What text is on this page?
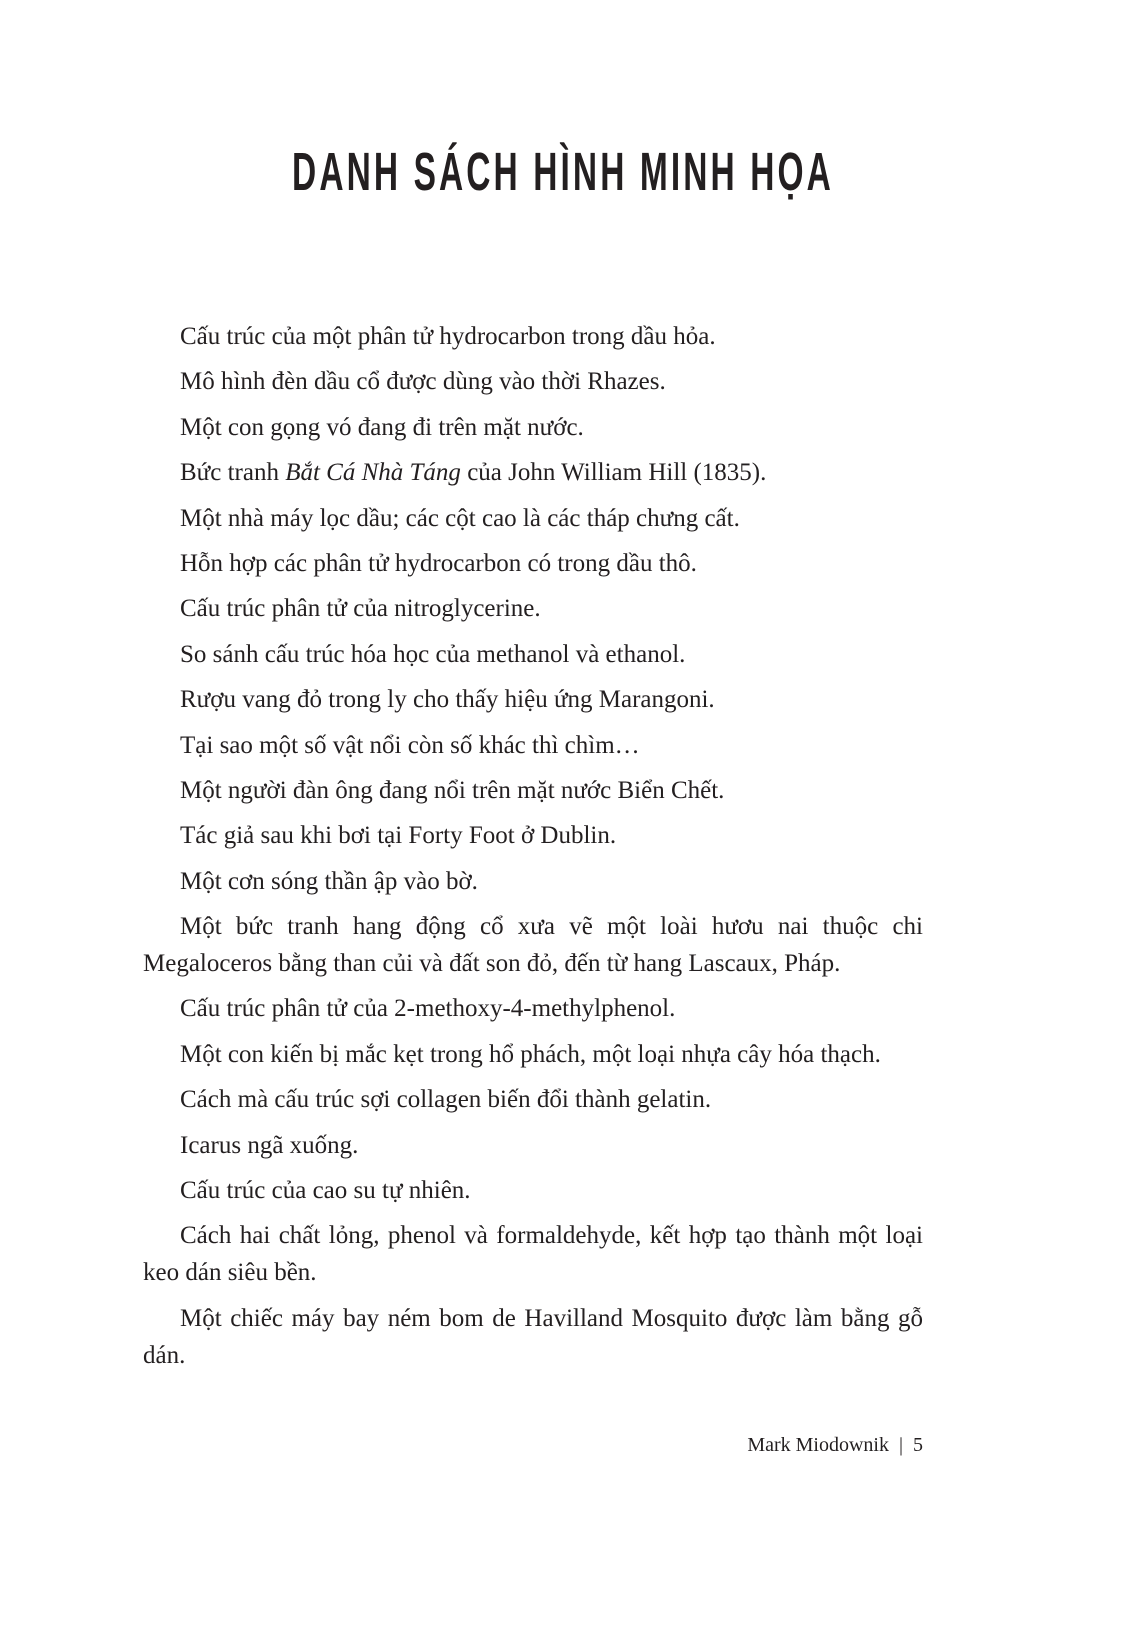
DANH SÁCH HÌNH MINH HỌA

Cấu trúc của một phân tử hydrocarbon trong dầu hỏa.

Mô hình đèn dầu cổ được dùng vào thời Rhazes.

Một con gọng vó đang đi trên mặt nước.

Bức tranh Bắt Cá Nhà Táng của John William Hill (1835).

Một nhà máy lọc dầu; các cột cao là các tháp chưng cất.

Hỗn hợp các phân tử hydrocarbon có trong dầu thô.

Cấu trúc phân tử của nitroglycerine.

So sánh cấu trúc hóa học của methanol và ethanol.

Rượu vang đỏ trong ly cho thấy hiệu ứng Marangoni.

Tại sao một số vật nổi còn số khác thì chìm…

Một người đàn ông đang nổi trên mặt nước Biển Chết.

Tác giả sau khi bơi tại Forty Foot ở Dublin.

Một cơn sóng thần ập vào bờ.

Một bức tranh hang động cổ xưa vẽ một loài hươu nai thuộc chi Megaloceros bằng than củi và đất son đỏ, đến từ hang Lascaux, Pháp.

Cấu trúc phân tử của 2-methoxy-4-methylphenol.

Một con kiến bị mắc kẹt trong hổ phách, một loại nhựa cây hóa thạch.

Cách mà cấu trúc sợi collagen biến đổi thành gelatin.

Icarus ngã xuống.

Cấu trúc của cao su tự nhiên.

Cách hai chất lỏng, phenol và formaldehyde, kết hợp tạo thành một loại keo dán siêu bền.

Một chiếc máy bay ném bom de Havilland Mosquito được làm bằng gỗ dán.

Mark Miodownik | 5
